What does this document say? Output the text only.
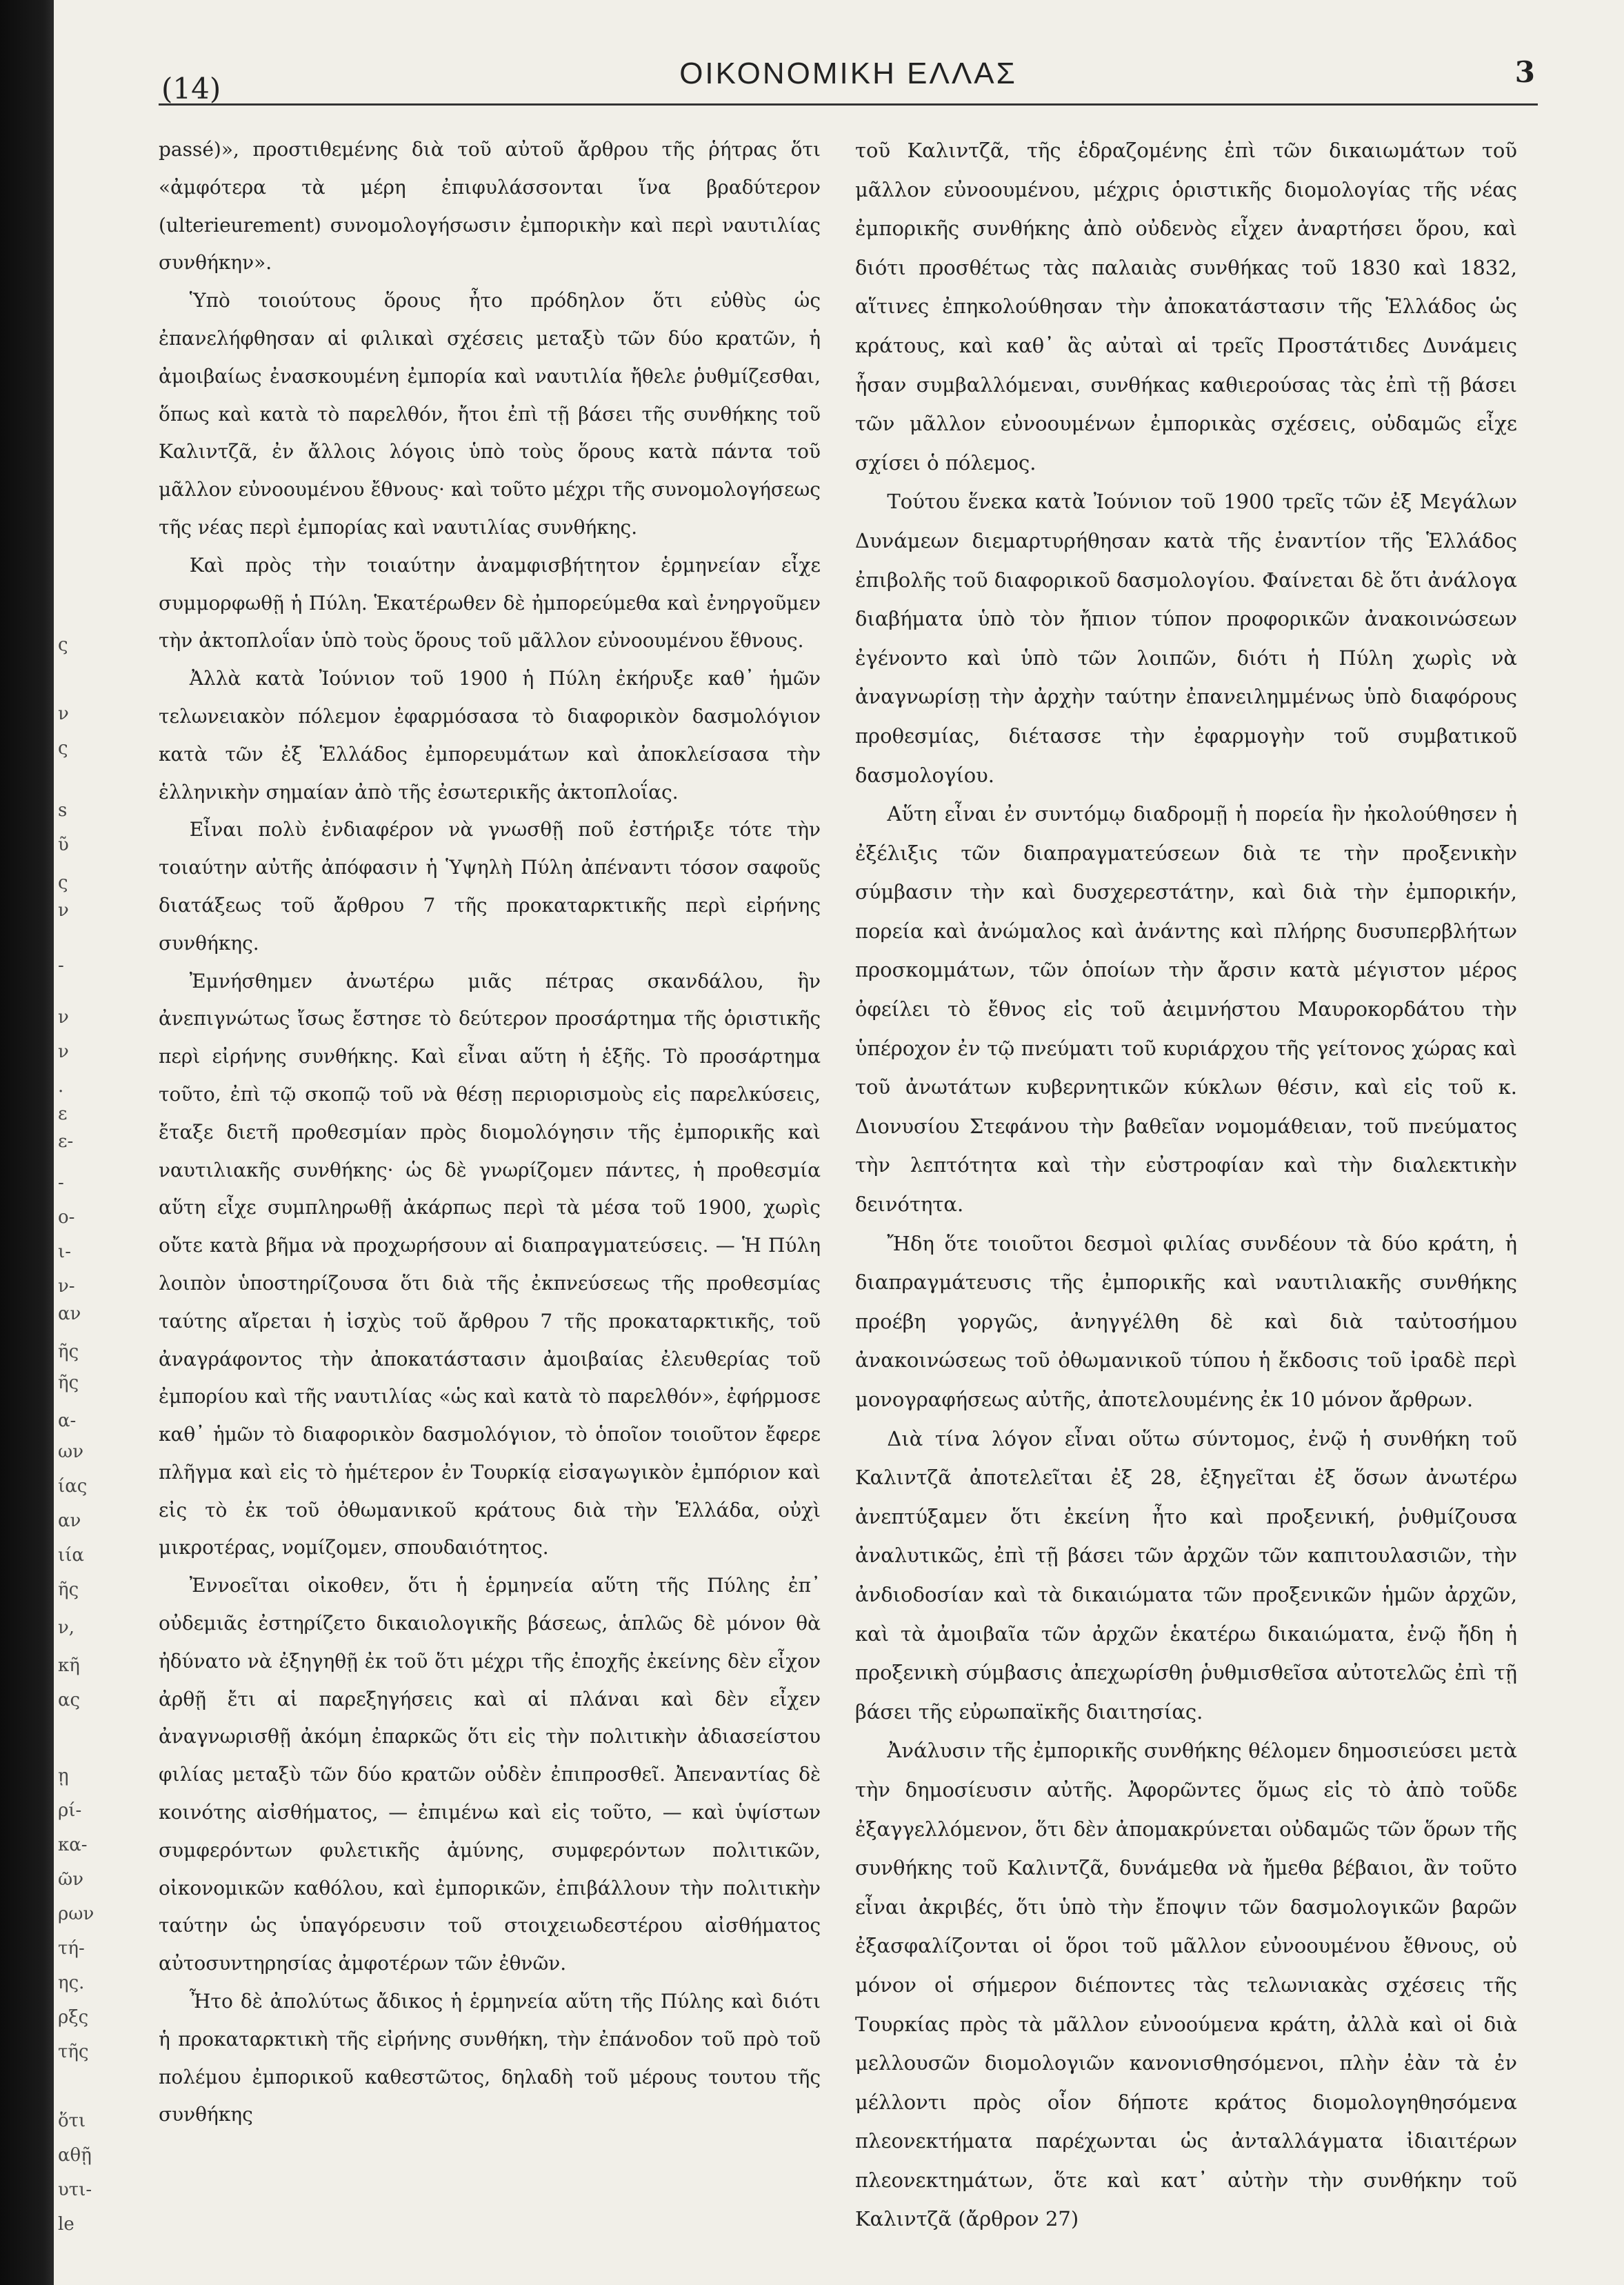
ς
ν
ς
s
ῦ
ς
ν
-
ν
ν
.
ε
ε-
-
ο-
ι-
ν-
αν
ῆς
ῆς
α-
ων
ίας
αν
ιία
ῆς
ν,
κῆ
ας
ῃ
ρί-
κα-
ῶν
ρων
τή-
ης.
ρξς
τῆς
ὅτι
αθῇ
υτι-
le
(14)	ΟΙΚΟΝΟΜΙΚΗ ΕΛΛΑΣ	3

passé)», προστιθεμένης διὰ τοῦ αὐτοῦ ἄρθρου τῆς ῥήτρας ὅτι «ἀμφότερα τὰ μέρη ἐπιφυλάσσονται ἵνα βραδύτερον (ulterieurement) συνομολογήσωσιν ἐμπορικὴν καὶ περὶ ναυτιλίας συνθήκην».

Ὑπὸ τοιούτους ὅρους ἦτο πρόδηλον ὅτι εὐθὺς ὡς ἐπανελήφθησαν αἱ φιλικαὶ σχέσεις μεταξὺ τῶν δύο κρατῶν, ἡ ἀμοιβαίως ἐνασκουμένη ἐμπορία καὶ ναυτιλία ἤθελε ῥυθμίζεσθαι, ὅπως καὶ κατὰ τὸ παρελθόν, ἤτοι ἐπὶ τῇ βάσει τῆς συνθήκης τοῦ Καλιντζᾶ, ἐν ἄλλοις λόγοις ὑπὸ τοὺς ὅρους κατὰ πάντα τοῦ μᾶλλον εὐνοουμένου ἔθνους· καὶ τοῦτο μέχρι τῆς συνομολογήσεως τῆς νέας περὶ ἐμπορίας καὶ ναυτιλίας συνθήκης.

Καὶ πρὸς τὴν τοιαύτην ἀναμφισβήτητον ἑρμηνείαν εἶχε συμμορφωθῇ ἡ Πύλη. Ἑκατέρωθεν δὲ ἠμπορεύμεθα καὶ ἐνηργοῦμεν τὴν ἀκτοπλοΐαν ὑπὸ τοὺς ὅρους τοῦ μᾶλλον εὐνοουμένου ἔθνους.

Ἀλλὰ κατὰ Ἰούνιον τοῦ 1900 ἡ Πύλη ἐκήρυξε καθ᾽ ἡμῶν τελωνειακὸν πόλεμον ἐφαρμόσασα τὸ διαφορικὸν δασμολόγιον κατὰ τῶν ἐξ Ἑλλάδος ἐμπορευμάτων καὶ ἀποκλείσασα τὴν ἑλληνικὴν σημαίαν ἀπὸ τῆς ἐσωτερικῆς ἀκτοπλοΐας.

Εἶναι πολὺ ἐνδιαφέρον νὰ γνωσθῇ ποῦ ἐστήριξε τότε τὴν τοιαύτην αὐτῆς ἀπόφασιν ἡ Ὑψηλὴ Πύλη ἀπέναντι τόσον σαφοῦς διατάξεως τοῦ ἄρθρου 7 τῆς προκαταρκτικῆς περὶ εἰρήνης συνθήκης.

Ἐμνήσθημεν ἀνωτέρω μιᾶς πέτρας σκανδάλου, ἣν ἀνεπιγνώτως ἴσως ἔστησε τὸ δεύτερον προσάρτημα τῆς ὁριστικῆς περὶ εἰρήνης συνθήκης. Καὶ εἶναι αὕτη ἡ ἑξῆς. Τὸ προσάρτημα τοῦτο, ἐπὶ τῷ σκοπῷ τοῦ νὰ θέσῃ περιορισμοὺς εἰς παρελκύσεις, ἔταξε διετῆ προθεσμίαν πρὸς διομολόγησιν τῆς ἐμπορικῆς καὶ ναυτιλιακῆς συνθήκης· ὡς δὲ γνωρίζομεν πάντες, ἡ προθεσμία αὕτη εἶχε συμπληρωθῇ ἀκάρπως περὶ τὰ μέσα τοῦ 1900, χωρὶς οὔτε κατὰ βῆμα νὰ προχωρήσουν αἱ διαπραγματεύσεις. — Ἡ Πύλη λοιπὸν ὑποστηρίζουσα ὅτι διὰ τῆς ἐκπνεύσεως τῆς προθεσμίας ταύτης αἴρεται ἡ ἰσχὺς τοῦ ἄρθρου 7 τῆς προκαταρκτικῆς, τοῦ ἀναγράφοντος τὴν ἀποκατάστασιν ἀμοιβαίας ἐλευθερίας τοῦ ἐμπορίου καὶ τῆς ναυτιλίας «ὡς καὶ κατὰ τὸ παρελθόν», ἐφήρμοσε καθ᾽ ἡμῶν τὸ διαφορικὸν δασμολόγιον, τὸ ὁποῖον τοιοῦτον ἔφερε πλῆγμα καὶ εἰς τὸ ἡμέτερον ἐν Τουρκίᾳ εἰσαγωγικὸν ἐμπόριον καὶ εἰς τὸ ἐκ τοῦ ὀθωμανικοῦ κράτους διὰ τὴν Ἑλλάδα, οὐχὶ μικροτέρας, νομίζομεν, σπουδαιότητος.

Ἐννοεῖται οἰκοθεν, ὅτι ἡ ἑρμηνεία αὕτη τῆς Πύλης ἐπ᾽ οὐδεμιᾶς ἐστηρίζετο δικαιολογικῆς βάσεως, ἁπλῶς δὲ μόνον θὰ ἠδύνατο νὰ ἐξηγηθῇ ἐκ τοῦ ὅτι μέχρι τῆς ἐποχῆς ἐκείνης δὲν εἶχον ἀρθῇ ἔτι αἱ παρεξηγήσεις καὶ αἱ πλάναι καὶ δὲν εἶχεν ἀναγνωρισθῇ ἀκόμη ἐπαρκῶς ὅτι εἰς τὴν πολιτικὴν ἀδιασείστου φιλίας μεταξὺ τῶν δύο κρατῶν οὐδὲν ἐπιπροσθεῖ. Ἀπεναντίας δὲ κοινότης αἰσθήματος, — ἐπιμένω καὶ εἰς τοῦτο, — καὶ ὑψίστων συμφερόντων φυλετικῆς ἀμύνης, συμφερόντων πολιτικῶν, οἰκονομικῶν καθόλου, καὶ ἐμπορικῶν, ἐπιβάλλουν τὴν πολιτικὴν ταύτην ὡς ὑπαγόρευσιν τοῦ στοιχειωδεστέρου αἰσθήματος αὐτοσυντηρησίας ἀμφοτέρων τῶν ἐθνῶν.

Ἦτο δὲ ἀπολύτως ἄδικος ἡ ἑρμηνεία αὕτη τῆς Πύλης καὶ διότι ἡ προκαταρκτικὴ τῆς εἰρήνης συνθήκη, τὴν ἐπάνοδον τοῦ πρὸ τοῦ πολέμου ἐμπορικοῦ καθεστῶτος, δηλαδὴ τοῦ μέρους τουτου τῆς συνθήκης

τοῦ Καλιντζᾶ, τῆς ἑδραζομένης ἐπὶ τῶν δικαιωμάτων τοῦ μᾶλλον εὐνοουμένου, μέχρις ὁριστικῆς διομολογίας τῆς νέας ἐμπορικῆς συνθήκης ἀπὸ οὐδενὸς εἶχεν ἀναρτήσει ὅρου, καὶ διότι προσθέτως τὰς παλαιὰς συνθήκας τοῦ 1830 καὶ 1832, αἵτινες ἐπηκολούθησαν τὴν ἀποκατάστασιν τῆς Ἑλλάδος ὡς κράτους, καὶ καθ᾽ ἃς αὐταὶ αἱ τρεῖς Προστάτιδες Δυνάμεις ἦσαν συμβαλλόμεναι, συνθήκας καθιερούσας τὰς ἐπὶ τῇ βάσει τῶν μᾶλλον εὐνοουμένων ἐμπορικὰς σχέσεις, οὐδαμῶς εἶχε σχίσει ὁ πόλεμος.

Τούτου ἕνεκα κατὰ Ἰούνιον τοῦ 1900 τρεῖς τῶν ἐξ Μεγάλων Δυνάμεων διεμαρτυρήθησαν κατὰ τῆς ἐναντίον τῆς Ἑλλάδος ἐπιβολῆς τοῦ διαφορικοῦ δασμολογίου. Φαίνεται δὲ ὅτι ἀνάλογα διαβήματα ὑπὸ τὸν ἤπιον τύπον προφορικῶν ἀνακοινώσεων ἐγένοντο καὶ ὑπὸ τῶν λοιπῶν, διότι ἡ Πύλη χωρὶς νὰ ἀναγνωρίσῃ τὴν ἀρχὴν ταύτην ἐπανειλημμένως ὑπὸ διαφόρους προθεσμίας, διέτασσε τὴν ἐφαρμογὴν τοῦ συμβατικοῦ δασμολογίου.

Αὕτη εἶναι ἐν συντόμῳ διαδρομῇ ἡ πορεία ἣν ἠκολούθησεν ἡ ἐξέλιξις τῶν διαπραγματεύσεων διὰ τε τὴν προξενικὴν σύμβασιν τὴν καὶ δυσχερεστάτην, καὶ διὰ τὴν ἐμπορικήν, πορεία καὶ ἀνώμαλος καὶ ἀνάντης καὶ πλήρης δυσυπερβλήτων προσκομμάτων, τῶν ὁποίων τὴν ἄρσιν κατὰ μέγιστον μέρος ὀφείλει τὸ ἔθνος εἰς τοῦ ἀειμνήστου Μαυροκορδάτου τὴν ὑπέροχον ἐν τῷ πνεύματι τοῦ κυριάρχου τῆς γείτονος χώρας καὶ τοῦ ἀνωτάτων κυβερνητικῶν κύκλων θέσιν, καὶ εἰς τοῦ κ. Διονυσίου Στεφάνου τὴν βαθεῖαν νομομάθειαν, τοῦ πνεύματος τὴν λεπτότητα καὶ τὴν εὐστροφίαν καὶ τὴν διαλεκτικὴν δεινότητα.

Ἤδη ὅτε τοιοῦτοι δεσμοὶ φιλίας συνδέουν τὰ δύο κράτη, ἡ διαπραγμάτευσις τῆς ἐμπορικῆς καὶ ναυτιλιακῆς συνθήκης προέβη γοργῶς, ἀνηγγέλθη δὲ καὶ διὰ ταὐτοσήμου ἀνακοινώσεως τοῦ ὀθωμανικοῦ τύπου ἡ ἔκδοσις τοῦ ἰραδὲ περὶ μονογραφήσεως αὐτῆς, ἀποτελουμένης ἐκ 10 μόνον ἄρθρων.

Διὰ τίνα λόγον εἶναι οὕτω σύντομος, ἐνῷ ἡ συνθήκη τοῦ Καλιντζᾶ ἀποτελεῖται ἐξ 28, ἐξηγεῖται ἐξ ὅσων ἀνωτέρω ἀνεπτύξαμεν ὅτι ἐκείνη ἦτο καὶ προξενική, ῥυθμίζουσα ἀναλυτικῶς, ἐπὶ τῇ βάσει τῶν ἀρχῶν τῶν καπιτουλασιῶν, τὴν ἀνδιοδοσίαν καὶ τὰ δικαιώματα τῶν προξενικῶν ἡμῶν ἀρχῶν, καὶ τὰ ἀμοιβαῖα τῶν ἀρχῶν ἑκατέρω δικαιώματα, ἐνῷ ἤδη ἡ προξενικὴ σύμβασις ἀπεχωρίσθη ῥυθμισθεῖσα αὐτοτελῶς ἐπὶ τῇ βάσει τῆς εὐρωπαϊκῆς διαιτησίας.

Ἀνάλυσιν τῆς ἐμπορικῆς συνθήκης θέλομεν δημοσιεύσει μετὰ τὴν δημοσίευσιν αὐτῆς. Ἀφορῶντες ὅμως εἰς τὸ ἀπὸ τοῦδε ἐξαγγελλόμενον, ὅτι δὲν ἀπομακρύνεται οὐδαμῶς τῶν ὅρων τῆς συνθήκης τοῦ Καλιντζᾶ, δυνάμεθα νὰ ἤμεθα βέβαιοι, ἂν τοῦτο εἶναι ἀκριβές, ὅτι ὑπὸ τὴν ἔποψιν τῶν δασμολογικῶν βαρῶν ἐξασφαλίζονται οἱ ὅροι τοῦ μᾶλλον εὐνοουμένου ἔθνους, οὐ μόνον οἱ σήμερον διέποντες τὰς τελωνιακὰς σχέσεις τῆς Τουρκίας πρὸς τὰ μᾶλλον εὐνοούμενα κράτη, ἀλλὰ καὶ οἱ διὰ μελλουσῶν διομολογιῶν κανονισθησόμενοι, πλὴν ἐὰν τὰ ἐν μέλλοντι πρὸς οἷον δήποτε κράτος διομολογηθησόμενα πλεονεκτήματα παρέχωνται ὡς ἀνταλλάγματα ἰδιαιτέρων πλεονεκτημάτων, ὅτε καὶ κατ᾽ αὐτὴν τὴν συνθήκην τοῦ Καλιντζᾶ (ἄρθρον 27)
